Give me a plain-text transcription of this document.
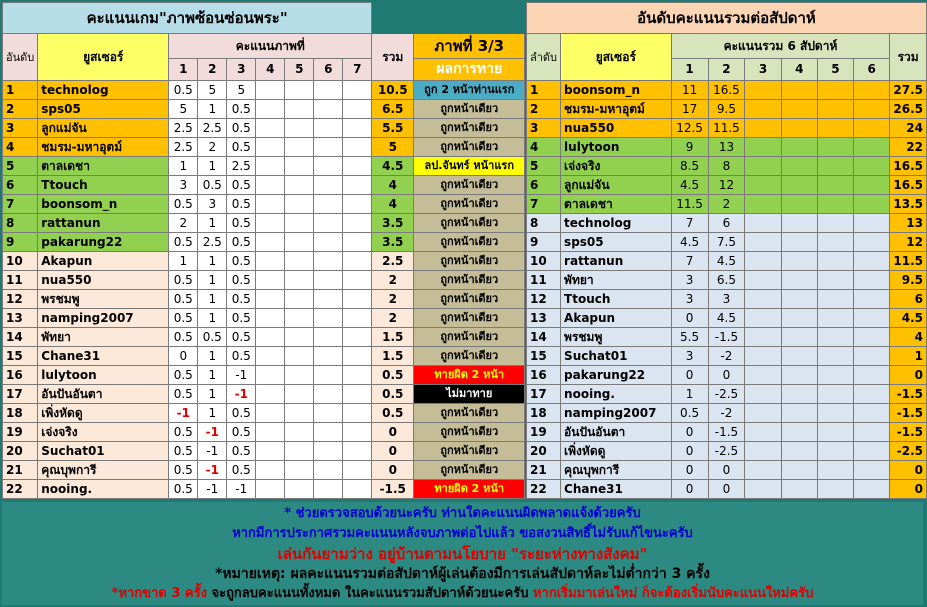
คะแนนเกม"ภาพซ้อนซ่อนพระ"										
อันดับ	ยูสเซอร์	คะแนนภาพที่							รวม	ภาพที่ 3/3
		1	2	3	4	5	6	7		ผลการทาย
1	technolog	0.5	5	5					10.5	ถูก 2 หน้าท่านแรก
2	sps05	5	1	0.5					6.5	ถูกหน้าเดียว
3	ลูกแม่จัน	2.5	2.5	0.5					5.5	ถูกหน้าเดียว
4	ชมรม-มหาอุตม์	2.5	2	0.5					5	ถูกหน้าเดียว
5	ตาลเดชา	1	1	2.5					4.5	ลป.จันทร์ หน้าแรก
6	Ttouch	3	0.5	0.5					4	ถูกหน้าเดียว
7	boonsom_n	0.5	3	0.5					4	ถูกหน้าเดียว
8	rattanun	2	1	0.5					3.5	ถูกหน้าเดียว
9	pakarung22	0.5	2.5	0.5					3.5	ถูกหน้าเดียว
10	Akapun	1	1	0.5					2.5	ถูกหน้าเดียว
11	nua550	0.5	1	0.5					2	ถูกหน้าเดียว
12	พรชมพู	0.5	1	0.5					2	ถูกหน้าเดียว
13	namping2007	0.5	1	0.5					2	ถูกหน้าเดียว
14	พัทยา	0.5	0.5	0.5					1.5	ถูกหน้าเดียว
15	Chane31	0	1	0.5					1.5	ถูกหน้าเดียว
16	lulytoon	0.5	1	-1					0.5	ทายผิด 2 หน้า
17	อันปันอันตา	0.5	1	-1					0.5	ไม่มาทาย
18	เพิ่งหัดดู	-1	1	0.5					0.5	ถูกหน้าเดียว
19	เจ่งจริง	0.5	-1	0.5					0	ถูกหน้าเดียว
20	Suchat01	0.5	-1	0.5					0	ถูกหน้าเดียว
21	คุณบุพการี	0.5	-1	0.5					0	ถูกหน้าเดียว
22	nooing.	0.5	-1	-1					-1.5	ทายผิด 2 หน้า
อันดับคะแนนรวมต่อสัปดาห์								
ลำดับ	ยูสเซอร์	คะแนนรวม 6 สัปดาห์						รวม
		1	2	3	4	5	6	
1	boonsom_n	11	16.5					27.5
2	ชมรม-มหาอุตม์	17	9.5					26.5
3	nua550	12.5	11.5					24
4	lulytoon	9	13					22
5	เจ่งจริง	8.5	8					16.5
6	ลูกแม่จัน	4.5	12					16.5
7	ตาลเดชา	11.5	2					13.5
8	technolog	7	6					13
9	sps05	4.5	7.5					12
10	rattanun	7	4.5					11.5
11	พัทยา	3	6.5					9.5
12	Ttouch	3	3					6
13	Akapun	0	4.5					4.5
14	พรชมพู	5.5	-1.5					4
15	Suchat01	3	-2					1
16	pakarung22	0	0					0
17	nooing.	1	-2.5					-1.5
18	namping2007	0.5	-2					-1.5
19	อันปันอันตา	0	-1.5					-1.5
20	เพิ่งหัดดู	0	-2.5					-2.5
21	คุณบุพการี	0	0					0
22	Chane31	0	0					0
* ช่วยตรวจสอบด้วยนะครับ ท่านใดคะแนนผิดพลาดแจ้งด้วยครับ
หากมีการประกาศรวมคะแนนหลังจบภาพต่อไปแล้ว ขอสงวนสิทธิ์ไม่รับแก้ไขนะครับ
เล่นกันยามว่าง อยู่บ้านตามนโยบาย "ระยะห่างทางสังคม"
*หมายเหตุ: ผลคะแนนรวมต่อสัปดาห์ผู้เล่นต้องมีการเล่นสัปดาห์ละไม่ต่ำกว่า 3 ครั้ง
*หากขาด 3 ครั้ง จะถูกลบคะแนนทั้งหมด ในคะแนนรวมสัปดาห์ด้วยนะครับ หากเริ่มมาเล่นใหม่ ก็จะต้องเริ่มนับคะแนนใหม่ครับ
